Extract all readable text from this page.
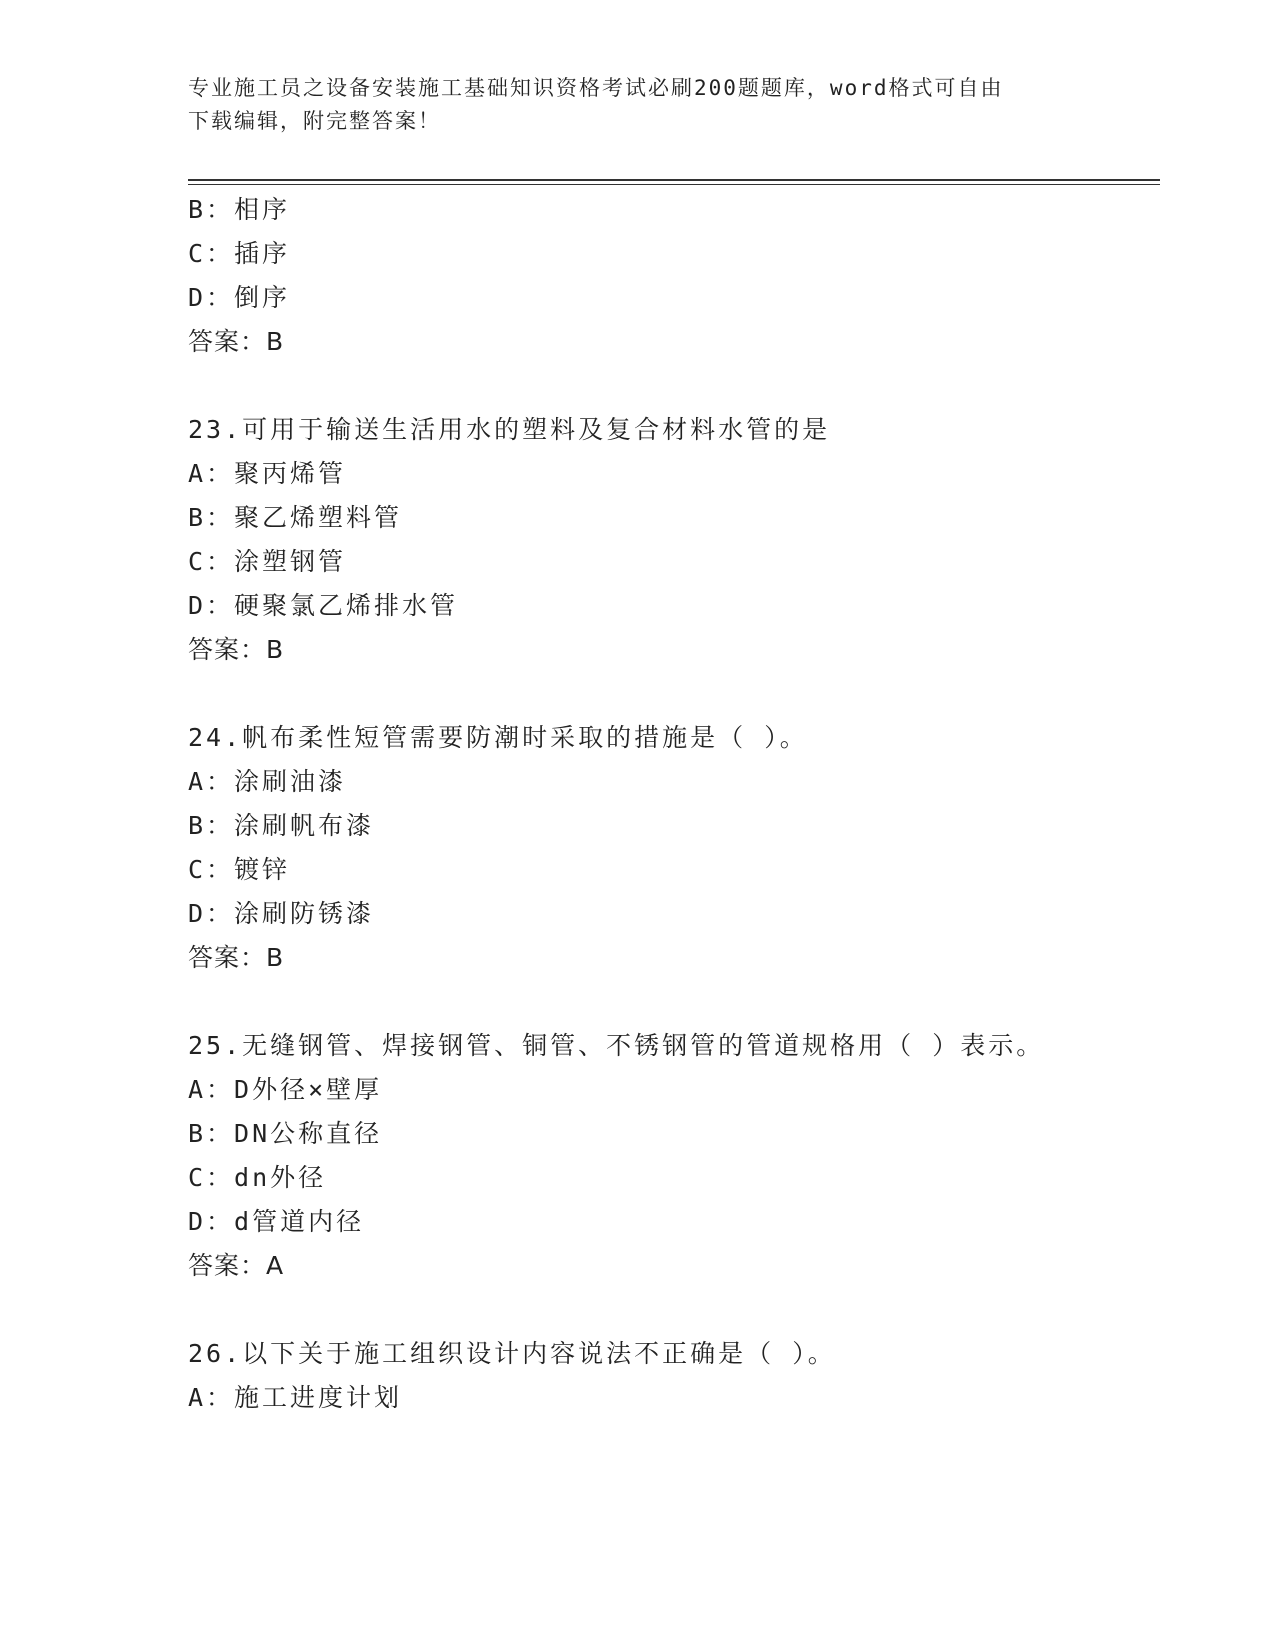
专业施工员之设备安装施工基础知识资格考试必刷200题题库，word格式可自由
下载编辑，附完整答案！
B：相序
C：插序
D：倒序
答案：B
23.可用于输送生活用水的塑料及复合材料水管的是
A：聚丙烯管
B：聚乙烯塑料管
C：涂塑钢管
D：硬聚氯乙烯排水管
答案：B
24.帆布柔性短管需要防潮时采取的措施是（ ）。
A：涂刷油漆
B：涂刷帆布漆
C：镀锌
D：涂刷防锈漆
答案：B
25.无缝钢管、焊接钢管、铜管、不锈钢管的管道规格用（ ）表示。
A：D外径×壁厚
B：DN公称直径
C：dn外径
D：d管道内径
答案：A
26.以下关于施工组织设计内容说法不正确是（ ）。
A：施工进度计划
